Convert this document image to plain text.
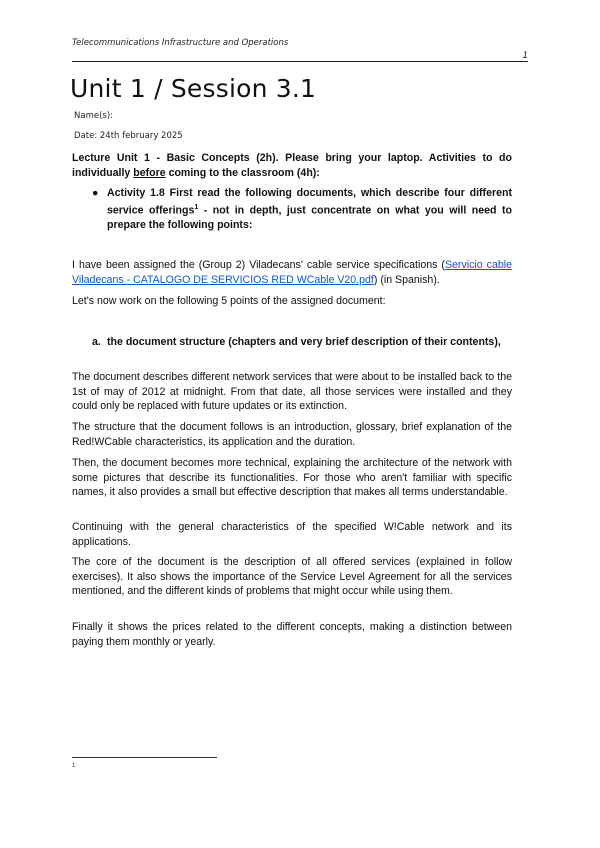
Telecommunications Infrastructure and Operations
1
Unit 1 / Session 3.1
Name(s):
Date: 24th february 2025

Lecture Unit 1 - Basic Concepts (2h). Please bring your laptop. Activities to do individually before coming to the classroom (4h):

● Activity 1.8 First read the following documents, which describe four different service offerings$^1$ - not in depth, just concentrate on what you will need to prepare the following points:

I have been assigned the (Group 2) Viladecans' cable service specifications (Servicio cable Viladecans - CATALOGO DE SERVICIOS RED WCable V20.pdf) (in Spanish).

Let's now work on the following 5 points of the assigned document:

a. the document structure (chapters and very brief description of their contents),

The document describes different network services that were about to be installed back to the 1st of may of 2012 at midnight. From that date, all those services were installed and they could only be replaced with future updates or its extinction.

The structure that the document follows is an introduction, glossary, brief explanation of the Red!WCable characteristics, its application and the duration.

Then, the document becomes more technical, explaining the architecture of the network with some pictures that describe its functionalities. For those who aren't familiar with specific names, it also provides a small but effective description that makes all terms understandable.

Continuing with the general characteristics of the specified W!Cable network and its applications.

The core of the document is the description of all offered services (explained in follow exercises). It also shows the importance of the Service Level Agreement for all the services mentioned, and the different kinds of problems that might occur while using them.

Finally it shows the prices related to the different concepts, making a distinction between paying them monthly or yearly.

1
